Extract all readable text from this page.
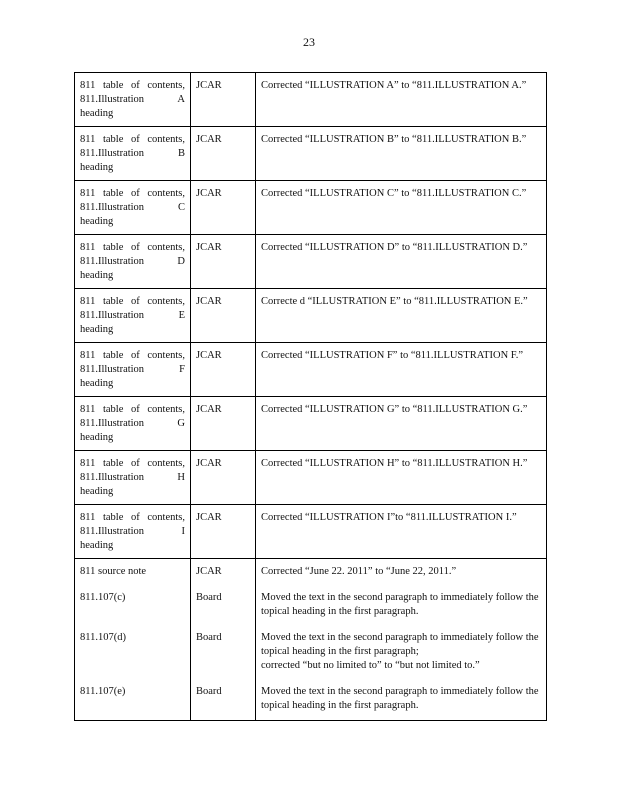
23
811 table of contents, 811.Illustration A heading	JCAR	Corrected “ILLUSTRATION A” to “811.ILLUSTRATION A.”
811 table of contents, 811.Illustration B heading	JCAR	Corrected “ILLUSTRATION B” to “811.ILLUSTRATION B.”
811 table of contents, 811.Illustration C heading	JCAR	Corrected “ILLUSTRATION C” to “811.ILLUSTRATION C.”
811 table of contents, 811.Illustration D heading	JCAR	Corrected “ILLUSTRATION D” to “811.ILLUSTRATION D.”
811 table of contents, 811.Illustration E heading	JCAR	Correcte d “ILLUSTRATION E” to “811.ILLUSTRATION E.”
811 table of contents, 811.Illustration F heading	JCAR	Corrected “ILLUSTRATION F” to “811.ILLUSTRATION F.”
811 table of contents, 811.Illustration G heading	JCAR	Corrected “ILLUSTRATION G” to “811.ILLUSTRATION G.”
811 table of contents, 811.Illustration H heading	JCAR	Corrected “ILLUSTRATION H” to “811.ILLUSTRATION H.”
811 table of contents, 811.Illustration I heading	JCAR	Corrected “ILLUSTRATION I”to “811.ILLUSTRATION I.”
811 source note	JCAR	Corrected “June 22. 2011” to “June 22, 2011.”
811.107(c)	Board	Moved the text in the second paragraph to immediately follow the topical heading in the first paragraph.
811.107(d)	Board	Moved the text in the second paragraph to immediately follow the topical heading in the first paragraph;
corrected “but no limited to” to “but not limited to.”
811.107(e)	Board	Moved the text in the second paragraph to immediately follow the topical heading in the first paragraph.
